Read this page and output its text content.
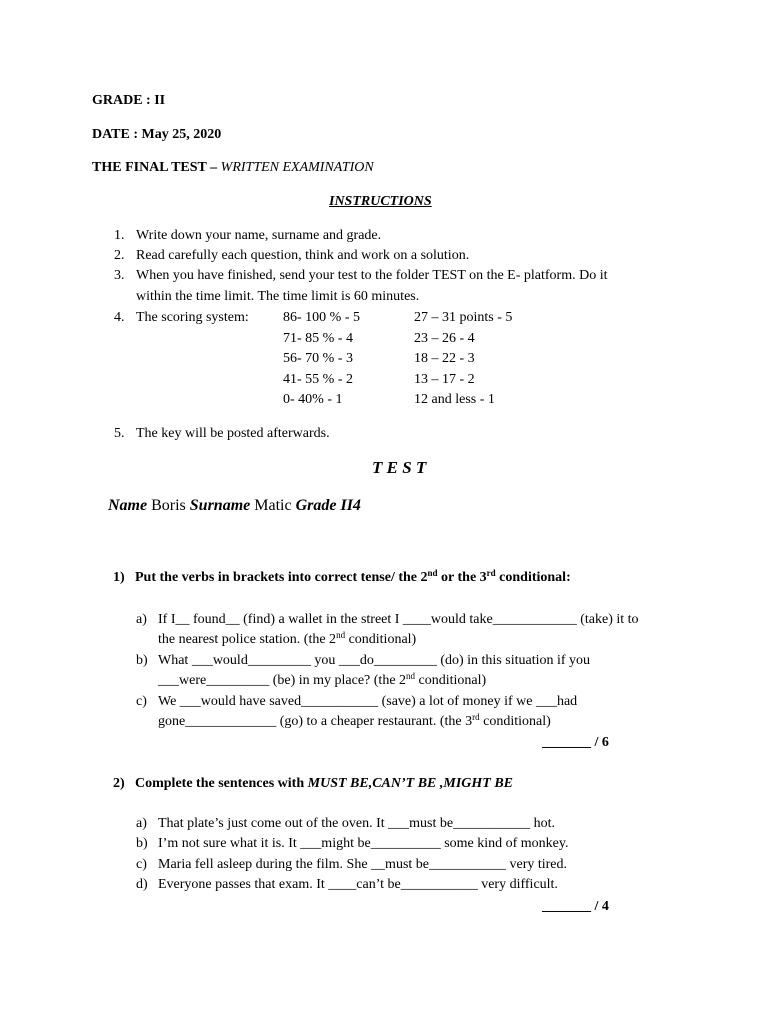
GRADE : II
DATE : May 25, 2020
THE FINAL TEST – WRITTEN EXAMINATION
INSTRUCTIONS
1. Write down your name, surname and grade.
2. Read carefully each question, think and work on a solution.
3. When you have finished, send your test to the folder TEST on the E- platform. Do it
within the time limit. The time limit is 60 minutes.
4. The scoring system: 86- 100 % - 5	27 – 31 points - 5
71- 85 % - 4	23 – 26 - 4
56- 70 % - 3	18 – 22 - 3
41- 55 % - 2	13 – 17 - 2
0- 40% - 1	12 and less - 1
5. The key will be posted afterwards.
T E S T
Name Boris Surname Matic Grade II4
1) Put the verbs in brackets into correct tense/ the 2nd or the 3rd conditional:
a) If I__ found__ (find) a wallet in the street I ____would take____________ (take) it to
the nearest police station. (the 2nd conditional)
b) What ___would_________ you ___do_________ (do) in this situation if you
___were_________ (be) in my place? (the 2nd conditional)
c) We ___would have saved___________ (save) a lot of money if we ___had
gone_____________ (go) to a cheaper restaurant. (the 3rd conditional)
_______ / 6
2) Complete the sentences with MUST BE,CAN’T BE ,MIGHT BE
a) That plate’s just come out of the oven. It ___must be___________ hot.
b) I’m not sure what it is. It ___might be__________ some kind of monkey.
c) Maria fell asleep during the film. She __must be___________ very tired.
d) Everyone passes that exam. It ____can’t be___________ very difficult.
_______ / 4
